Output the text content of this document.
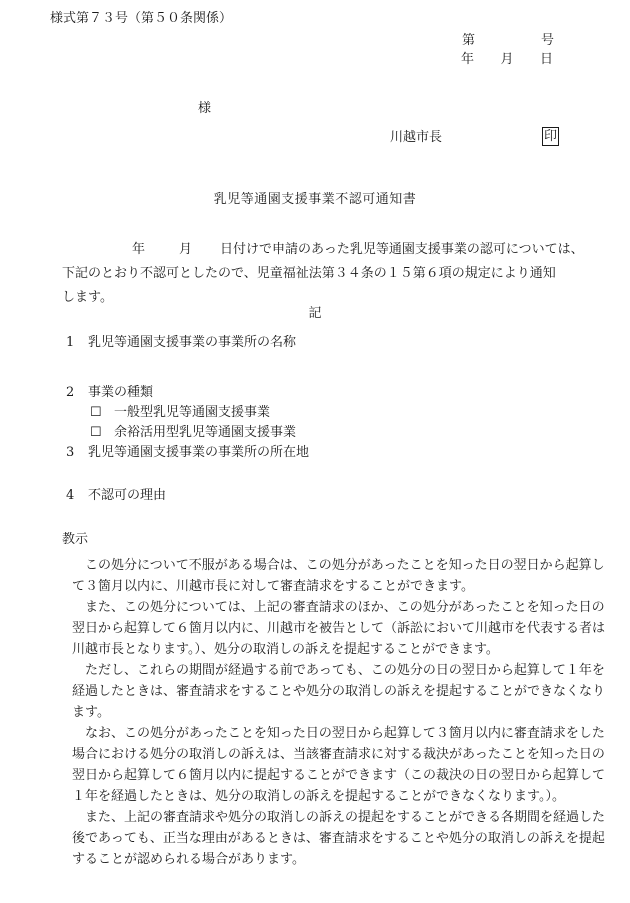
様式第７３号（第５０条関係）
第	号
年 月 日
様
川越市長	印
乳児等通園支援事業不認可通知書
年	月 日付けで申請のあった乳児等通園支援事業の認可については、
下記のとおり不認可としたので、児童福祉法第３４条の１５第６項の規定により通知
します。
記
1 乳児等通園支援事業の事業所の名称
2 事業の種類
☐ 一般型乳児等通園支援事業
☐ 余裕活用型乳児等通園支援事業
3 乳児等通園支援事業の事業所の所在地
4 不認可の理由
教示

この処分について不服がある場合は、この処分があったことを知った日の翌日から起算して３箇月以内に、川越市長に対して審査請求をすることができます。

また、この処分については、上記の審査請求のほか、この処分があったことを知った日の翌日から起算して６箇月以内に、川越市を被告として（訴訟において川越市を代表する者は川越市長となります。）、処分の取消しの訴えを提起することができます。

ただし、これらの期間が経過する前であっても、この処分の日の翌日から起算して１年を経過したときは、審査請求をすることや処分の取消しの訴えを提起することができなくなります。

なお、この処分があったことを知った日の翌日から起算して３箇月以内に審査請求をした場合における処分の取消しの訴えは、当該審査請求に対する裁決があったことを知った日の翌日から起算して６箇月以内に提起することができます（この裁決の日の翌日から起算して１年を経過したときは、処分の取消しの訴えを提起することができなくなります。）。

また、上記の審査請求や処分の取消しの訴えの提起をすることができる各期間を経過した後であっても、正当な理由があるときは、審査請求をすることや処分の取消しの訴えを提起することが認められる場合があります。
